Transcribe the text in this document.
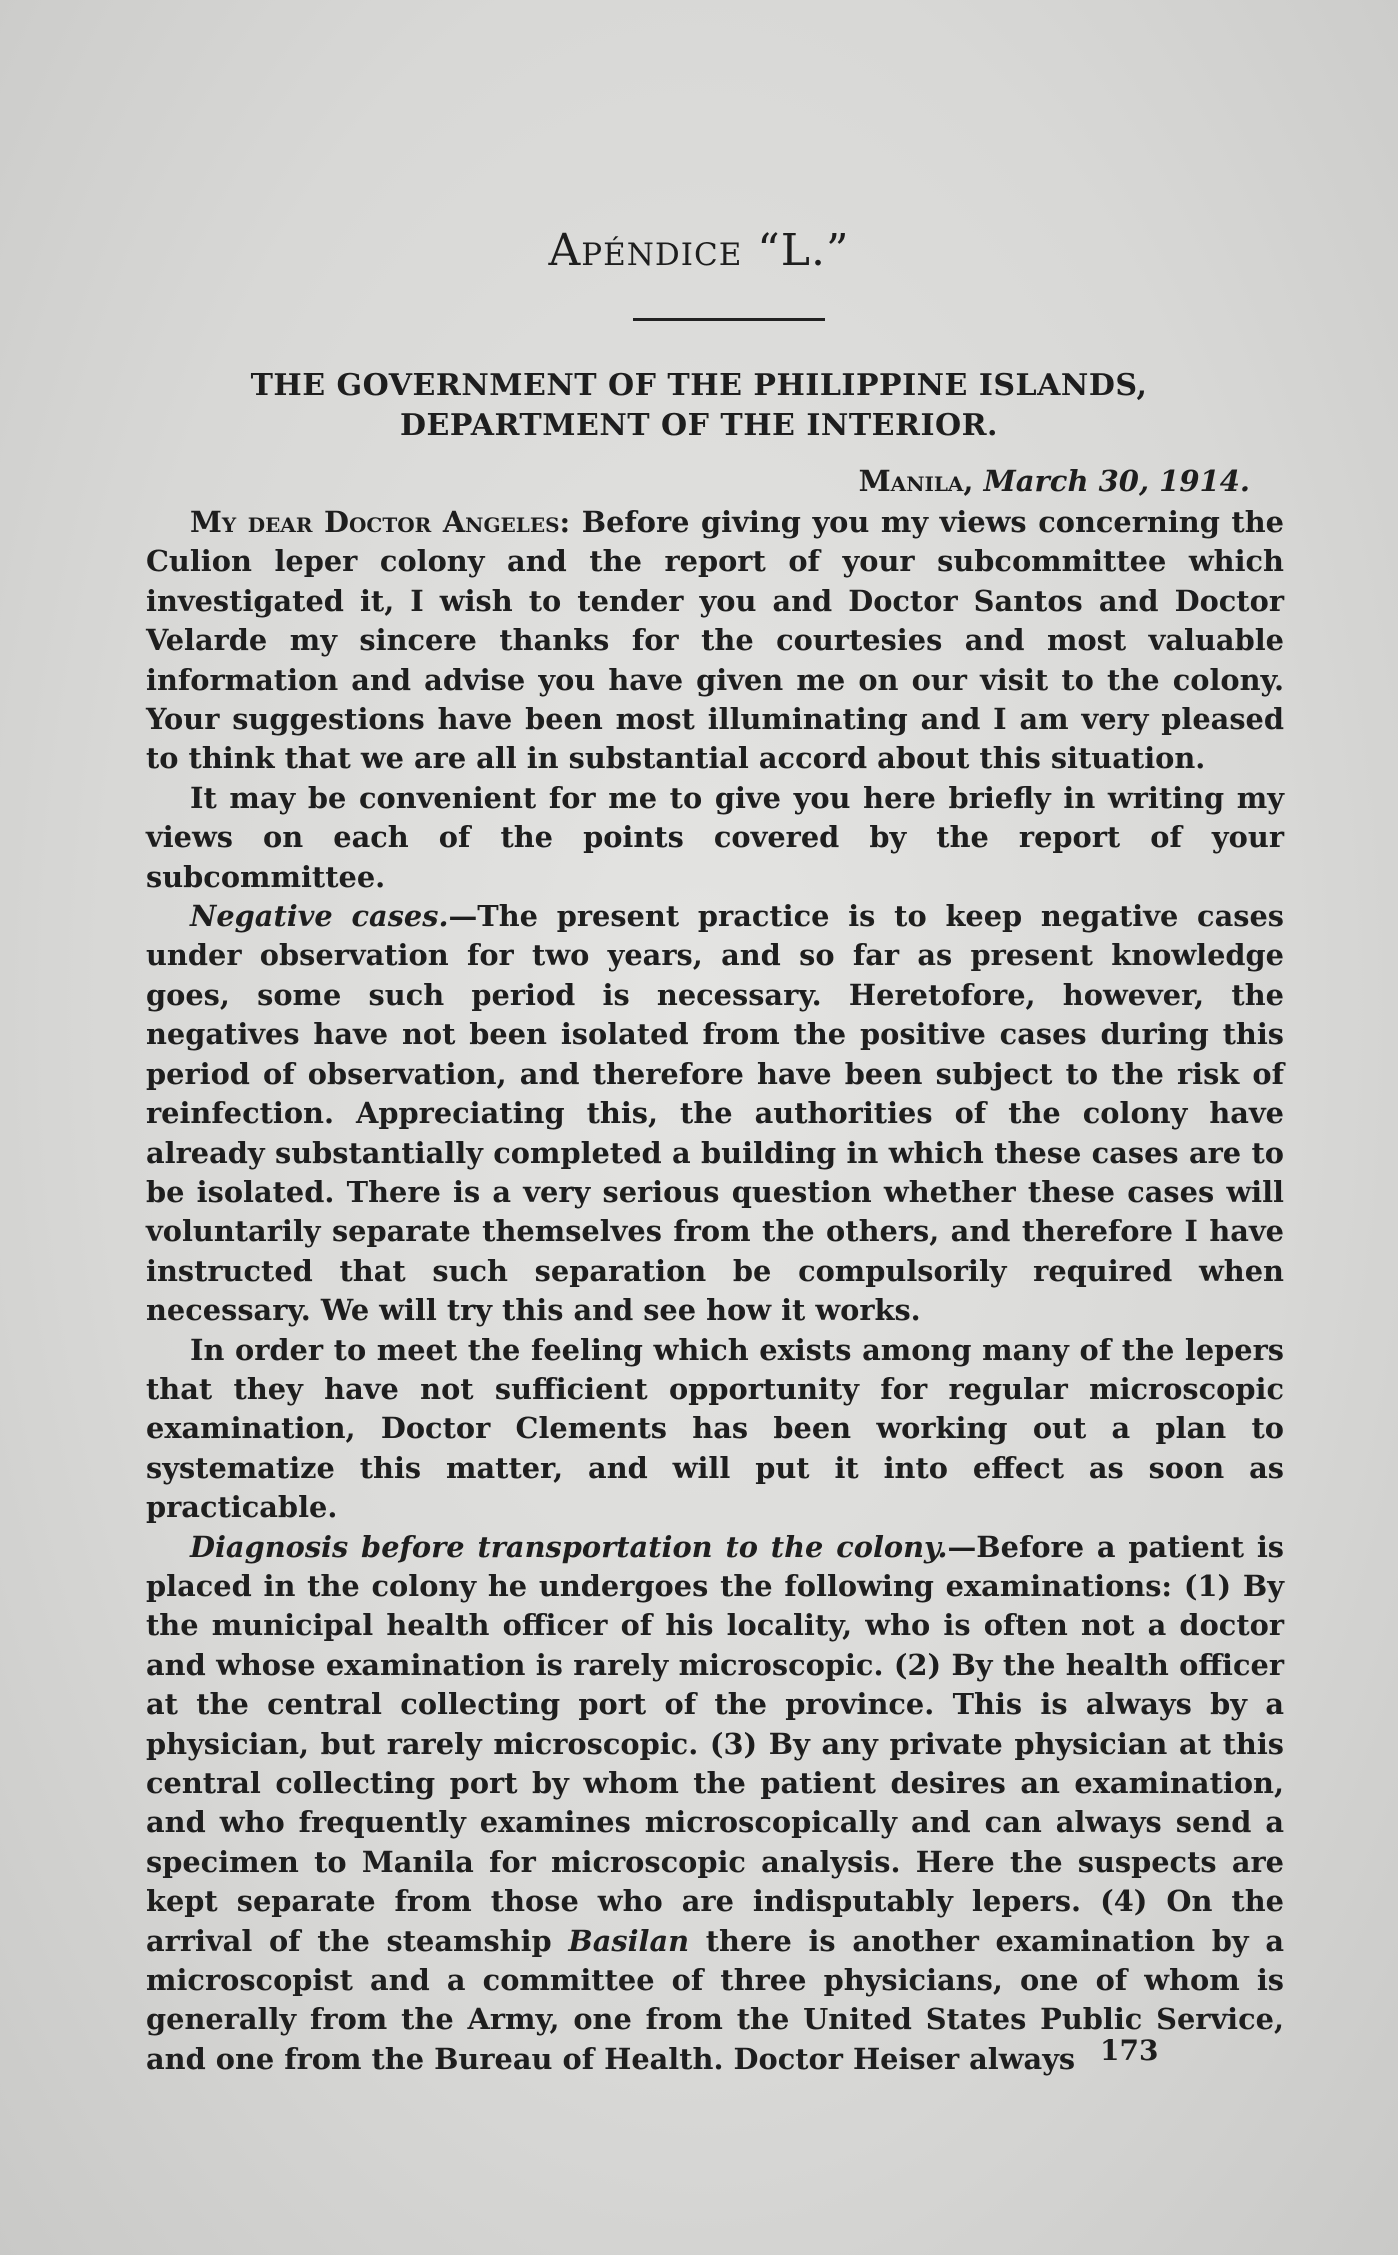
Apéndice “L.”
THE GOVERNMENT OF THE PHILIPPINE ISLANDS,
DEPARTMENT OF THE INTERIOR.
Manila, March 30, 1914.

My dear Doctor Angeles: Before giving you my views concerning the Culion leper colony and the report of your subcommittee which investigated it, I wish to tender you and Doctor Santos and Doctor Velarde my sincere thanks for the courtesies and most valuable information and advise you have given me on our visit to the colony. Your suggestions have been most illuminating and I am very pleased to think that we are all in substantial accord about this situation.

It may be convenient for me to give you here briefly in writing my views on each of the points covered by the report of your subcommittee.

Negative cases.—The present practice is to keep negative cases under observation for two years, and so far as present knowledge goes, some such period is necessary. Heretofore, however, the negatives have not been isolated from the positive cases during this period of observation, and therefore have been subject to the risk of reinfection. Appreciating this, the authorities of the colony have already substantially completed a building in which these cases are to be isolated. There is a very serious question whether these cases will voluntarily separate themselves from the others, and therefore I have instructed that such separation be compulsorily required when necessary. We will try this and see how it works.

In order to meet the feeling which exists among many of the lepers that they have not sufficient opportunity for regular microscopic examination, Doctor Clements has been working out a plan to systematize this matter, and will put it into effect as soon as practicable.

Diagnosis before transportation to the colony.—Before a patient is placed in the colony he undergoes the following examinations: (1) By the municipal health officer of his locality, who is often not a doctor and whose examination is rarely microscopic. (2) By the health officer at the central collecting port of the province. This is always by a physician, but rarely microscopic. (3) By any private physician at this central collecting port by whom the patient desires an examination, and who frequently examines microscopically and can always send a specimen to Manila for microscopic analysis. Here the suspects are kept separate from those who are indisputably lepers. (4) On the arrival of the steamship Basilan there is another examination by a microscopist and a committee of three physicians, one of whom is generally from the Army, one from the United States Public Service, and one from the Bureau of Health. Doctor Heiser always 173
